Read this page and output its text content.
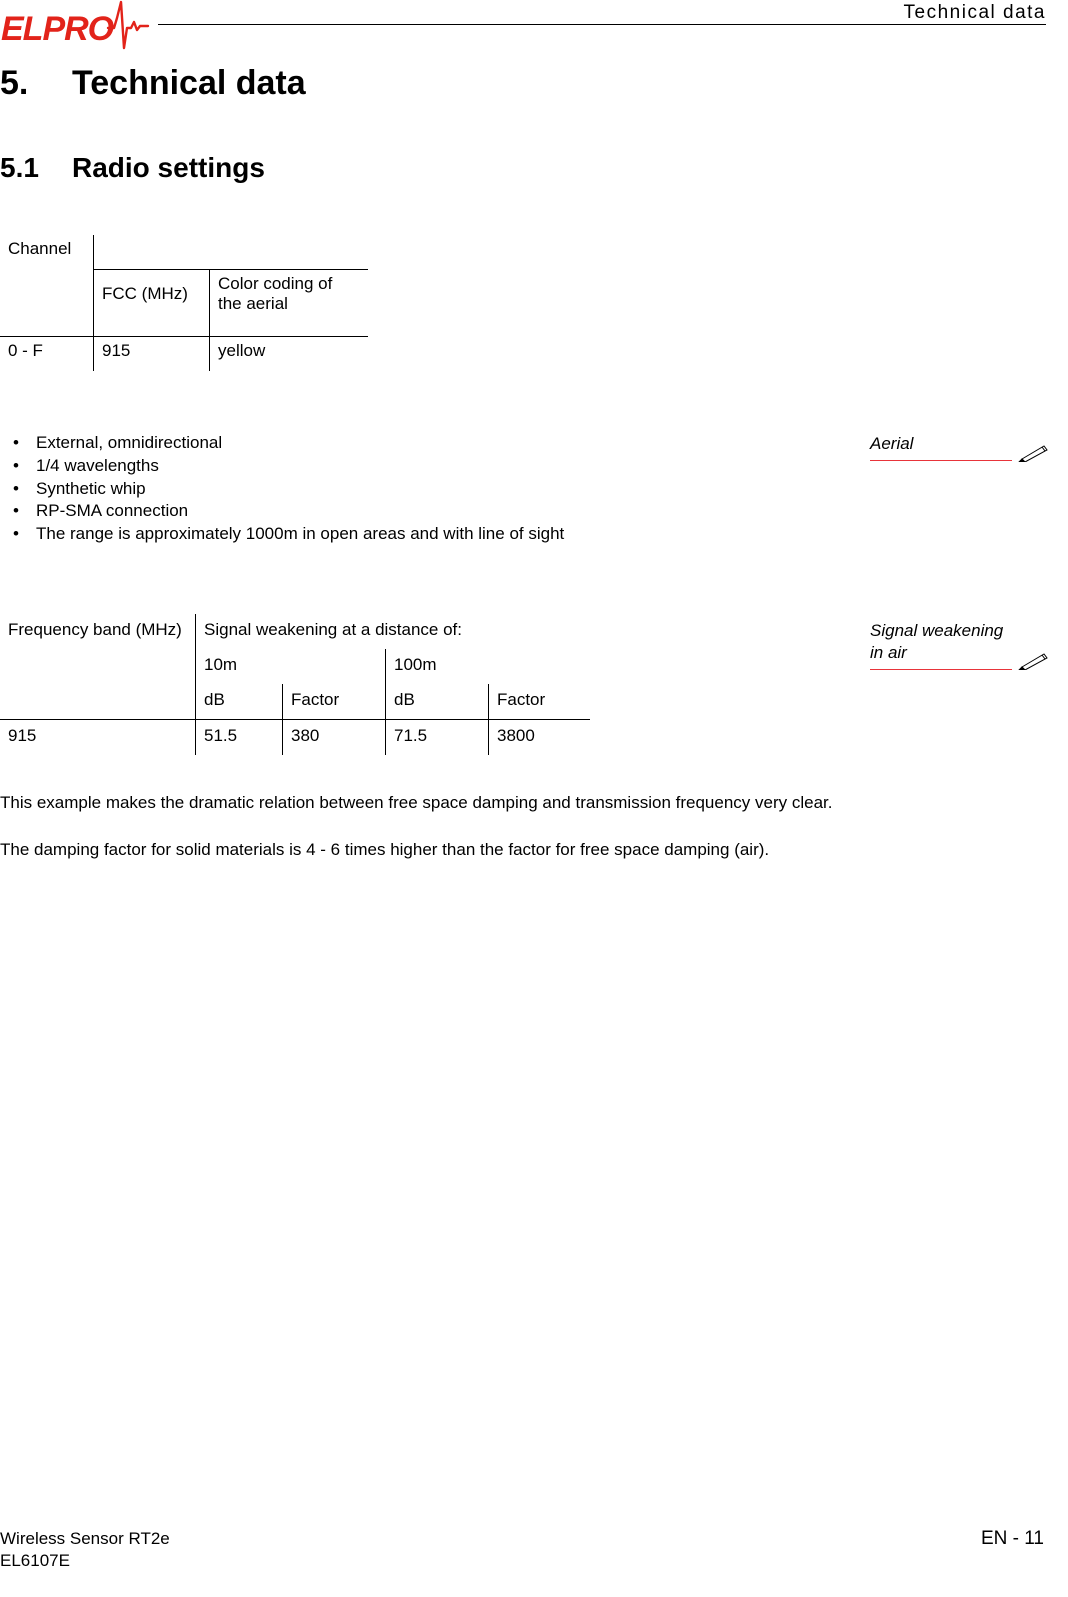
ELPRO	Technical data
5. Technical data
5.1 Radio settings
Channel		
	FCC (MHz)	Color coding of the aerial
0 - F	915	yellow
• External, omnidirectional
• 1/4 wavelengths
• Synthetic whip
• RP-SMA connection
• The range is approximately 1000m in open areas and with line of sight
Aerial
Frequency band (MHz)	Signal weakening at a distance of:			
	10m		100m	
	dB	Factor	dB	Factor
915	51.5	380	71.5	3800
Signal weakening
in air
This example makes the dramatic relation between free space damping and transmission frequency very clear.
The damping factor for solid materials is 4 - 6 times higher than the factor for free space damping (air).
Wireless Sensor RT2e
EL6107E
EN - 11
